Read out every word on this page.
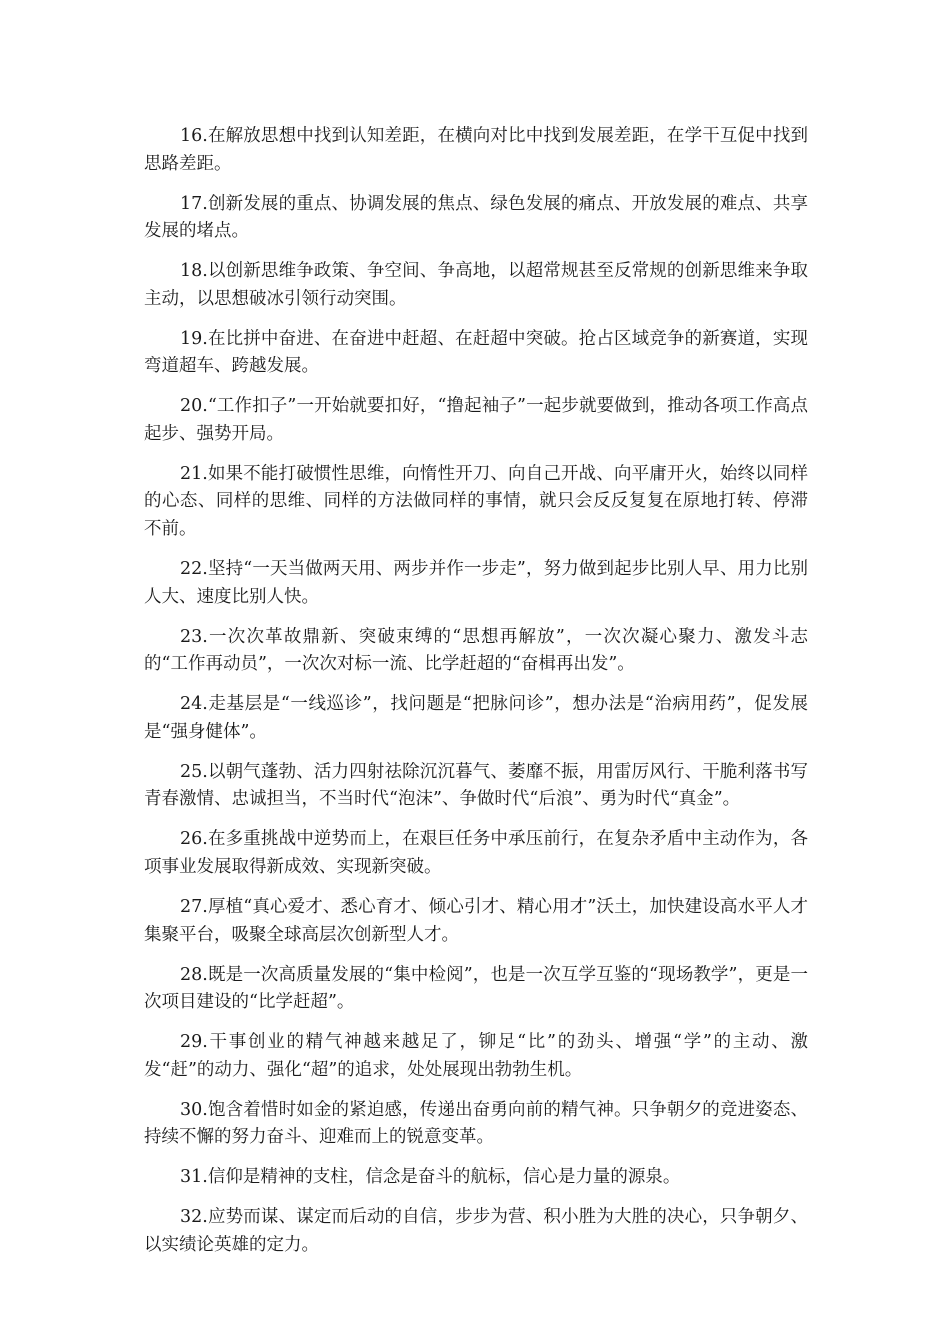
16.在解放思想中找到认知差距，在横向对比中找到发展差距，在学干互促中找到思路差距。

17.创新发展的重点、协调发展的焦点、绿色发展的痛点、开放发展的难点、共享发展的堵点。

18.以创新思维争政策、争空间、争高地，以超常规甚至反常规的创新思维来争取主动，以思想破冰引领行动突围。

19.在比拼中奋进、在奋进中赶超、在赶超中突破。抢占区域竞争的新赛道，实现弯道超车、跨越发展。

20.“工作扣子”一开始就要扣好，“撸起袖子”一起步就要做到，推动各项工作高点起步、强势开局。

21.如果不能打破惯性思维，向惰性开刀、向自己开战、向平庸开火，始终以同样的心态、同样的思维、同样的方法做同样的事情，就只会反反复复在原地打转、停滞不前。

22.坚持“一天当做两天用、两步并作一步走”，努力做到起步比别人早、用力比别人大、速度比别人快。

23.一次次革故鼎新、突破束缚的“思想再解放”，一次次凝心聚力、激发斗志的“工作再动员”，一次次对标一流、比学赶超的“奋楫再出发”。

24.走基层是“一线巡诊”，找问题是“把脉问诊”，想办法是“治病用药”，促发展是“强身健体”。

25.以朝气蓬勃、活力四射祛除沉沉暮气、萎靡不振，用雷厉风行、干脆利落书写青春激情、忠诚担当，不当时代“泡沫”、争做时代“后浪”、勇为时代“真金”。

26.在多重挑战中逆势而上，在艰巨任务中承压前行，在复杂矛盾中主动作为，各项事业发展取得新成效、实现新突破。

27.厚植“真心爱才、悉心育才、倾心引才、精心用才”沃土，加快建设高水平人才集聚平台，吸聚全球高层次创新型人才。

28.既是一次高质量发展的“集中检阅”，也是一次互学互鉴的“现场教学”，更是一次项目建设的“比学赶超”。

29.干事创业的精气神越来越足了，铆足“比”的劲头、增强“学”的主动、激发“赶”的动力、强化“超”的追求，处处展现出勃勃生机。

30.饱含着惜时如金的紧迫感，传递出奋勇向前的精气神。只争朝夕的竞进姿态、持续不懈的努力奋斗、迎难而上的锐意变革。

31.信仰是精神的支柱，信念是奋斗的航标，信心是力量的源泉。

32.应势而谋、谋定而后动的自信，步步为营、积小胜为大胜的决心，只争朝夕、以实绩论英雄的定力。
